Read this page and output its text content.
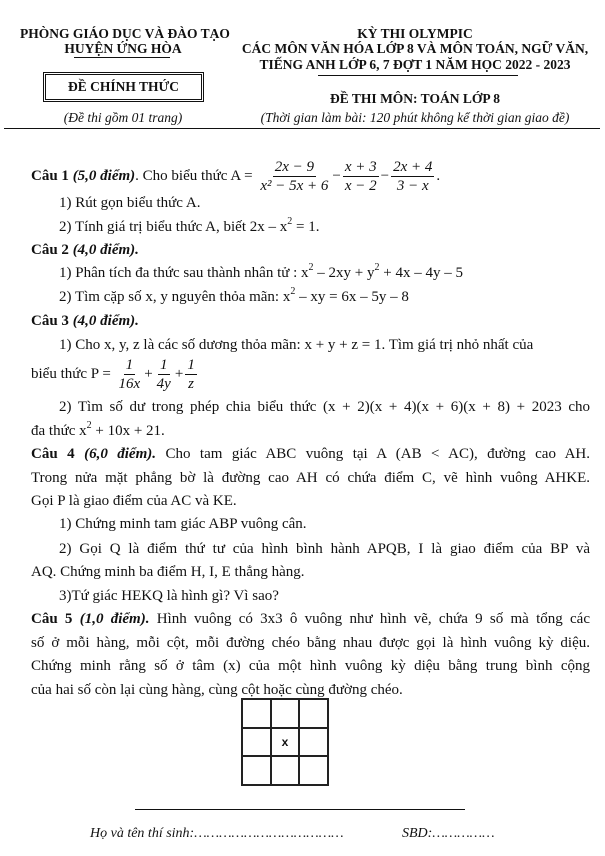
PHÒNG GIÁO DỤC VÀ ĐÀO TẠO
HUYỆN ỨNG HÒA
ĐỀ CHÍNH THỨC
(Đề thi gồm 01 trang)
KỲ THI OLYMPIC
CÁC MÔN VĂN HÓA LỚP 8 VÀ MÔN TOÁN, NGỮ VĂN,
TIẾNG ANH LỚP 6, 7 ĐỢT 1 NĂM HỌC 2022 - 2023
ĐỀ THI MÔN: TOÁN LỚP 8
(Thời gian làm bài: 120 phút không kể thời gian giao đề)
Câu 1 (5,0 điểm). Cho biểu thức $A = \frac{2x - 9}{\text{x² − 5x + 6}} - \frac{x + 3}{x - 2} - \frac{2x + 4}{3 - x}$ .
1) Rút gọn biểu thức A.
2) Tính giá trị biểu thức A, biết $2x - x^2 = 1$.
Câu 2 (4,0 điểm).
1) Phân tích đa thức sau thành nhân tử : $x^2 - 2xy + y^2 + 4x - 4y - 5$
2) Tìm cặp số x, y nguyên thỏa mãn: $x^2$ – xy = 6x – 5y – 8
Câu 3 (4,0 điểm).
1) Cho x, y, z là các số dương thỏa mãn: x + y + z = 1. Tìm giá trị nhỏ nhất của
biểu thức $P = \frac{1}{16x} + \frac{1}{4y} + \frac{1}{z}$
2) Tìm số dư trong phép chia biểu thức (x + 2)(x + 4)(x + 6)(x + 8) + 2023 cho
đa thức $x^2 + 10x + 21$.
Câu 4 (6,0 điểm). Cho tam giác ABC vuông tại A (AB < AC), đường cao AH.
Trong nửa mặt phẳng bờ là đường cao AH có chứa điểm C, vẽ hình vuông AHKE.
Gọi P là giao điểm của AC và KE.
1) Chứng minh tam giác ABP vuông cân.
2) Gọi Q là điểm thứ tư của hình bình hành APQB, I là giao điểm của BP và
AQ. Chứng minh ba điểm H, I, E thẳng hàng.
3)Tứ giác HEKQ là hình gì? Vì sao?
Câu 5 (1,0 điểm). Hình vuông có 3x3 ô vuông như hình vẽ, chứa 9 số mà tổng các
số ở mỗi hàng, mỗi cột, mỗi đường chéo bằng nhau được gọi là hình vuông kỳ diệu.
Chứng minh rằng số ở tâm (x) của một hình vuông kỳ diệu bằng trung bình cộng
của hai số còn lại cùng hàng, cùng cột hoặc cùng đường chéo.
x
Họ và tên thí sinh:………………………………	SBD:……………
